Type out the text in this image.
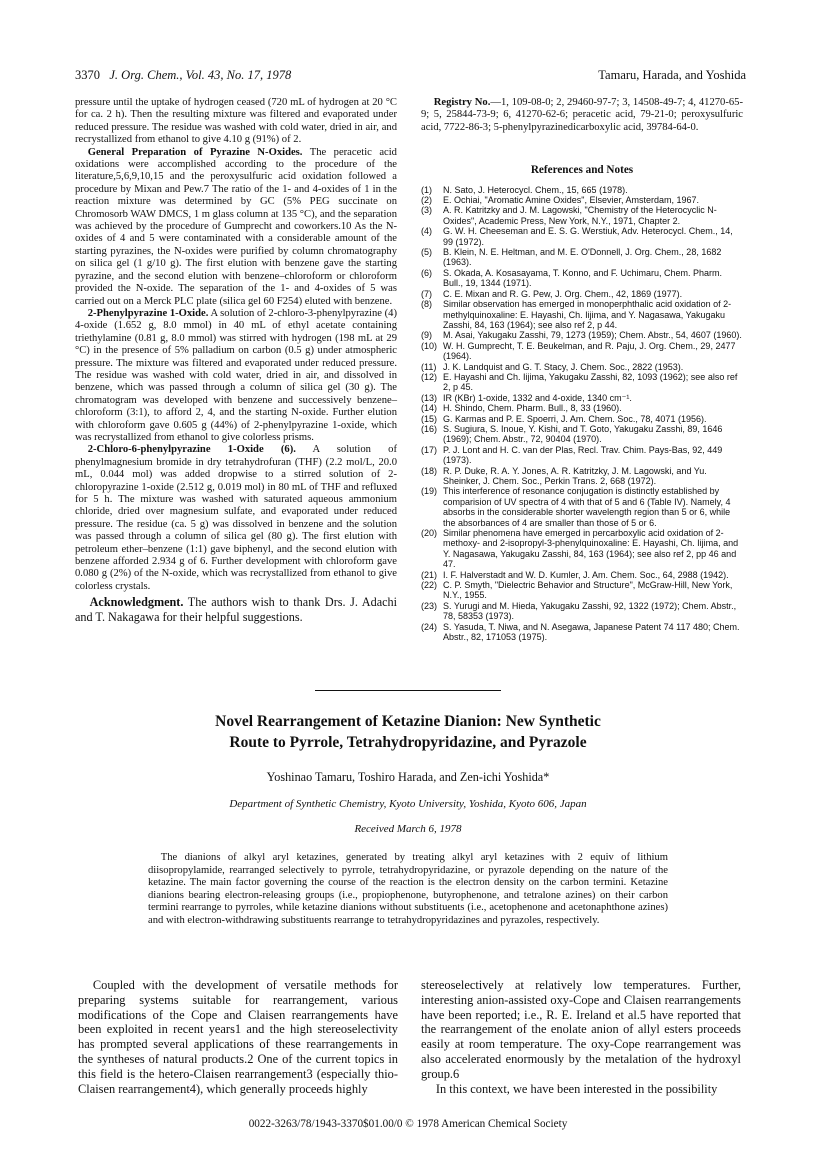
3370 J. Org. Chem., Vol. 43, No. 17, 1978	Tamaru, Harada, and Yoshida

pressure until the uptake of hydrogen ceased (720 mL of hydrogen at 20 °C for ca. 2 h). Then the resulting mixture was filtered and evaporated under reduced pressure. The residue was washed with cold water, dried in air, and recrystallized from ethanol to give 4.10 g (91%) of 2.

General Preparation of Pyrazine N-Oxides. The peracetic acid oxidations were accomplished according to the procedure of the literature,5,6,9,10,15 and the peroxysulfuric acid oxidation followed a procedure by Mixan and Pew.7 The ratio of the 1- and 4-oxides of 1 in the reaction mixture was determined by GC (5% PEG succinate on Chromosorb WAW DMCS, 1 m glass column at 135 °C), and the separation was achieved by the procedure of Gumprecht and coworkers.10 As the N-oxides of 4 and 5 were contaminated with a considerable amount of the starting pyrazines, the N-oxides were purified by column chromatography on silica gel (1 g/10 g). The first elution with benzene gave the starting pyrazine, and the second elution with benzene–chloroform or chloroform provided the N-oxide. The separation of the 1- and 4-oxides of 5 was carried out on a Merck PLC plate (silica gel 60 F254) eluted with benzene.

2-Phenylpyrazine 1-Oxide. A solution of 2-chloro-3-phenylpyrazine (4) 4-oxide (1.652 g, 8.0 mmol) in 40 mL of ethyl acetate containing triethylamine (0.81 g, 8.0 mmol) was stirred with hydrogen (198 mL at 29 °C) in the presence of 5% palladium on carbon (0.5 g) under atmospheric pressure. The mixture was filtered and evaporated under reduced pressure. The residue was washed with cold water, dried in air, and dissolved in benzene, which was passed through a column of silica gel (30 g). The chromatogram was developed with benzene and successively benzene–chloroform (3:1), to afford 2, 4, and the starting N-oxide. Further elution with chloroform gave 0.605 g (44%) of 2-phenylpyrazine 1-oxide, which was recrystallized from ethanol to give colorless prisms.

2-Chloro-6-phenylpyrazine 1-Oxide (6). A solution of phenylmagnesium bromide in dry tetrahydrofuran (THF) (2.2 mol/L, 20.0 mL, 0.044 mol) was added dropwise to a stirred solution of 2-chloropyrazine 1-oxide (2.512 g, 0.019 mol) in 80 mL of THF and refluxed for 5 h. The mixture was washed with saturated aqueous ammonium chloride, dried over magnesium sulfate, and evaporated under reduced pressure. The residue (ca. 5 g) was dissolved in benzene and the solution was passed through a column of silica gel (80 g). The first elution with petroleum ether–benzene (1:1) gave biphenyl, and the second elution with benzene afforded 2.934 g of 6. Further development with chloroform gave 0.080 g (2%) of the N-oxide, which was recrystallized from ethanol to give colorless crystals.

Acknowledgment. The authors wish to thank Drs. J. Adachi and T. Nakagawa for their helpful suggestions.

Registry No.—1, 109-08-0; 2, 29460-97-7; 3, 14508-49-7; 4, 41270-65-9; 5, 25844-73-9; 6, 41270-62-6; peracetic acid, 79-21-0; peroxysulfuric acid, 7722-86-3; 5-phenylpyrazinedicarboxylic acid, 39784-64-0.

References and Notes
(1)	N. Sato, J. Heterocycl. Chem., 15, 665 (1978).
(2)	E. Ochiai, "Aromatic Amine Oxides", Elsevier, Amsterdam, 1967.
(3)	A. R. Katritzky and J. M. Lagowski, "Chemistry of the Heterocyclic N-Oxides", Academic Press, New York, N.Y., 1971, Chapter 2.
(4)	G. W. H. Cheeseman and E. S. G. Werstiuk, Adv. Heterocycl. Chem., 14, 99 (1972).
(5)	B. Klein, N. E. Heltman, and M. E. O'Donnell, J. Org. Chem., 28, 1682 (1963).
(6)	S. Okada, A. Kosasayama, T. Konno, and F. Uchimaru, Chem. Pharm. Bull., 19, 1344 (1971).
(7)	C. E. Mixan and R. G. Pew, J. Org. Chem., 42, 1869 (1977).
(8)	Similar observation has emerged in monoperphthalic acid oxidation of 2-methylquinoxaline: E. Hayashi, Ch. Iijima, and Y. Nagasawa, Yakugaku Zasshi, 84, 163 (1964); see also ref 2, p 44.
(9)	M. Asai, Yakugaku Zasshi, 79, 1273 (1959); Chem. Abstr., 54, 4607 (1960).
(10) W. H. Gumprecht, T. E. Beukelman, and R. Paju, J. Org. Chem., 29, 2477 (1964).
(11) J. K. Landquist and G. T. Stacy, J. Chem. Soc., 2822 (1953).
(12) E. Hayashi and Ch. Iijima, Yakugaku Zasshi, 82, 1093 (1962); see also ref 2, p 45.
(13) IR (KBr) 1-oxide, 1332 and 4-oxide, 1340 cm⁻¹.
(14) H. Shindo, Chem. Pharm. Bull., 8, 33 (1960).
(15) G. Karmas and P. E. Spoerri, J. Am. Chem. Soc., 78, 4071 (1956).
(16) S. Sugiura, S. Inoue, Y. Kishi, and T. Goto, Yakugaku Zasshi, 89, 1646 (1969); Chem. Abstr., 72, 90404 (1970).
(17) P. J. Lont and H. C. van der Plas, Recl. Trav. Chim. Pays-Bas, 92, 449 (1973).
(18) R. P. Duke, R. A. Y. Jones, A. R. Katritzky, J. M. Lagowski, and Yu. Sheinker, J. Chem. Soc., Perkin Trans. 2, 668 (1972).
(19) This interference of resonance conjugation is distinctly established by comparision of UV spectra of 4 with that of 5 and 6 (Table IV). Namely, 4 absorbs in the considerable shorter wavelength region than 5 or 6, while the absorbances of 4 are smaller than those of 5 or 6.
(20) Similar phenomena have emerged in percarboxylic acid oxidation of 2-methoxy- and 2-isopropyl-3-phenylquinoxaline: E. Hayashi, Ch. Iijima, and Y. Nagasawa, Yakugaku Zasshi, 84, 163 (1964); see also ref 2, pp 46 and 47.
(21) I. F. Halverstadt and W. D. Kumler, J. Am. Chem. Soc., 64, 2988 (1942).
(22) C. P. Smyth, "Dielectric Behavior and Structure", McGraw-Hill, New York, N.Y., 1955.
(23) S. Yurugi and M. Hieda, Yakugaku Zasshi, 92, 1322 (1972); Chem. Abstr., 78, 58353 (1973).
(24) S. Yasuda, T. Niwa, and N. Asegawa, Japanese Patent 74 117 480; Chem. Abstr., 82, 171053 (1975).
Novel Rearrangement of Ketazine Dianion: New Synthetic
Route to Pyrrole, Tetrahydropyridazine, and Pyrazole
Yoshinao Tamaru, Toshiro Harada, and Zen-ichi Yoshida*
Department of Synthetic Chemistry, Kyoto University, Yoshida, Kyoto 606, Japan
Received March 6, 1978
The dianions of alkyl aryl ketazines, generated by treating alkyl aryl ketazines with 2 equiv of lithium diisopropylamide, rearranged selectively to pyrrole, tetrahydropyridazine, or pyrazole depending on the nature of the ketazine. The main factor governing the course of the reaction is the electron density on the carbon termini. Ketazine dianions bearing electron-releasing groups (i.e., propiophenone, butyrophenone, and tetralone azines) on their carbon termini rearrange to pyrroles, while ketazine dianions without substituents (i.e., acetophenone and acetonaphthone azines) and with electron-withdrawing substituents rearrange to tetrahydropyridazines and pyrazoles, respectively.

Coupled with the development of versatile methods for preparing systems suitable for rearrangement, various modifications of the Cope and Claisen rearrangements have been exploited in recent years1 and the high stereoselectivity has prompted several applications of these rearrangements in the syntheses of natural products.2 One of the current topics in this field is the hetero-Claisen rearrangement3 (especially thio-Claisen rearrangement4), which generally proceeds highly

stereoselectively at relatively low temperatures. Further, interesting anion-assisted oxy-Cope and Claisen rearrangements have been reported; i.e., R. E. Ireland et al.5 have reported that the rearrangement of the enolate anion of allyl esters proceeds easily at room temperature. The oxy-Cope rearrangement was also accelerated enormously by the metalation of the hydroxyl group.6

In this context, we have been interested in the possibility

0022-3263/78/1943-3370$01.00/0 © 1978 American Chemical Society
